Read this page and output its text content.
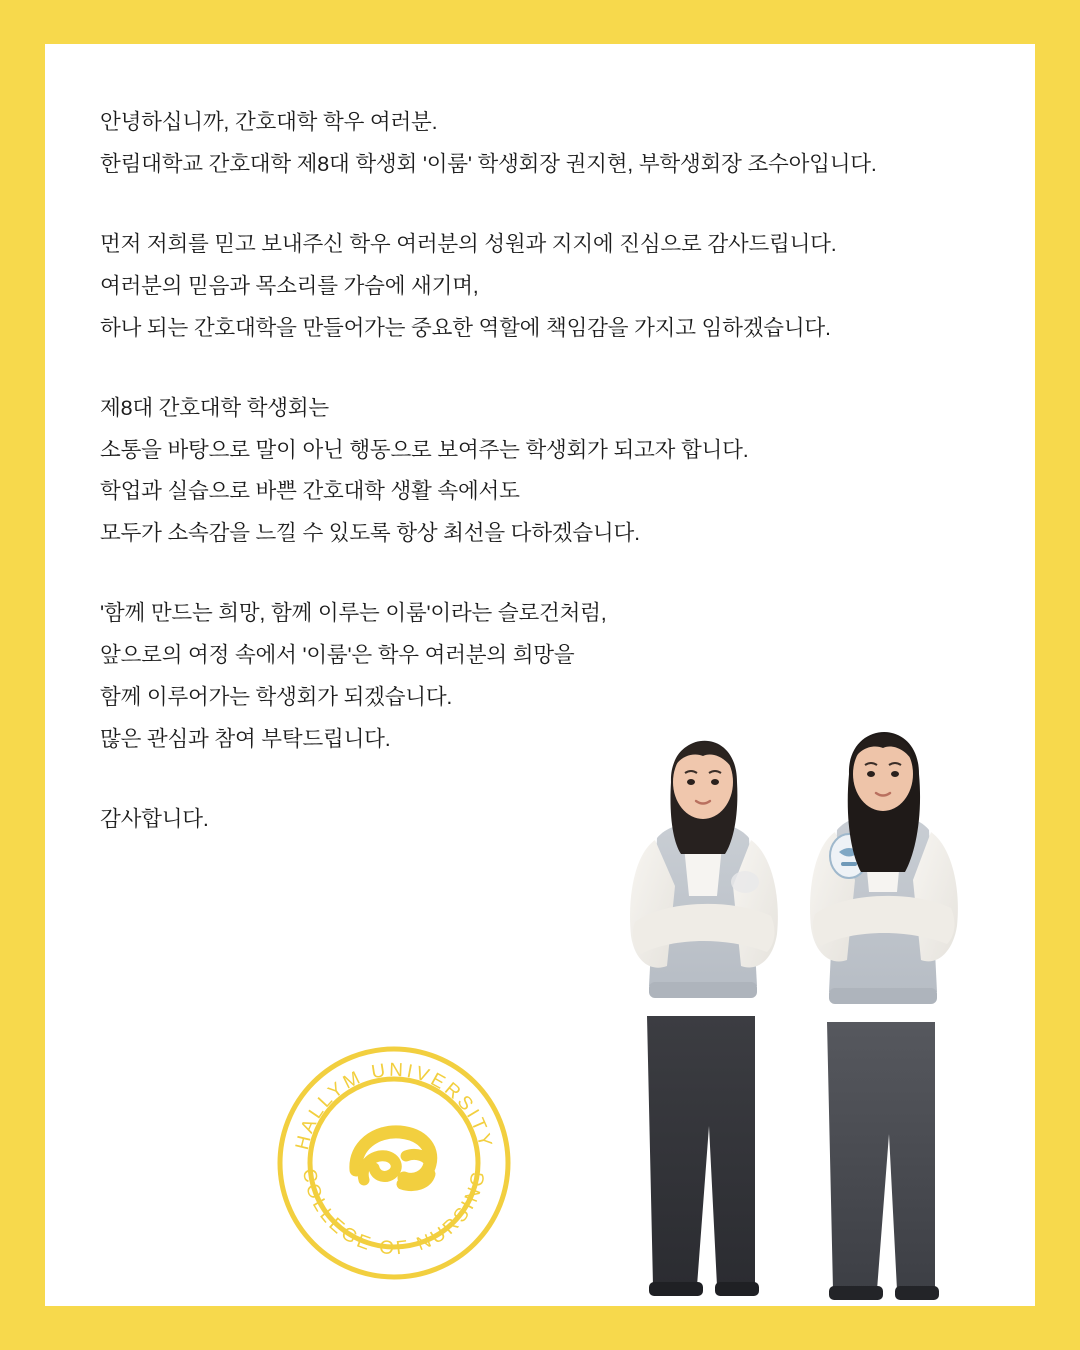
안녕하십니까, 간호대학 학우 여러분.
한림대학교 간호대학 제8대 학생회 '이룸' 학생회장 권지현, 부학생회장 조수아입니다.
먼저 저희를 믿고 보내주신 학우 여러분의 성원과 지지에 진심으로 감사드립니다.
여러분의 믿음과 목소리를 가슴에 새기며,
하나 되는 간호대학을 만들어가는 중요한 역할에 책임감을 가지고 임하겠습니다.
제8대 간호대학 학생회는
소통을 바탕으로 말이 아닌 행동으로 보여주는 학생회가 되고자 합니다.
학업과 실습으로 바쁜 간호대학 생활 속에서도
모두가 소속감을 느낄 수 있도록 항상 최선을 다하겠습니다.
'함께 만드는 희망, 함께 이루는 이룸'이라는 슬로건처럼,
앞으로의 여정 속에서 '이룸'은 학우 여러분의 희망을
함께 이루어가는 학생회가 되겠습니다.
많은 관심과 참여 부탁드립니다.
감사합니다.
HALLYM UNIVERSITY
COLLEGE OF NURSING
